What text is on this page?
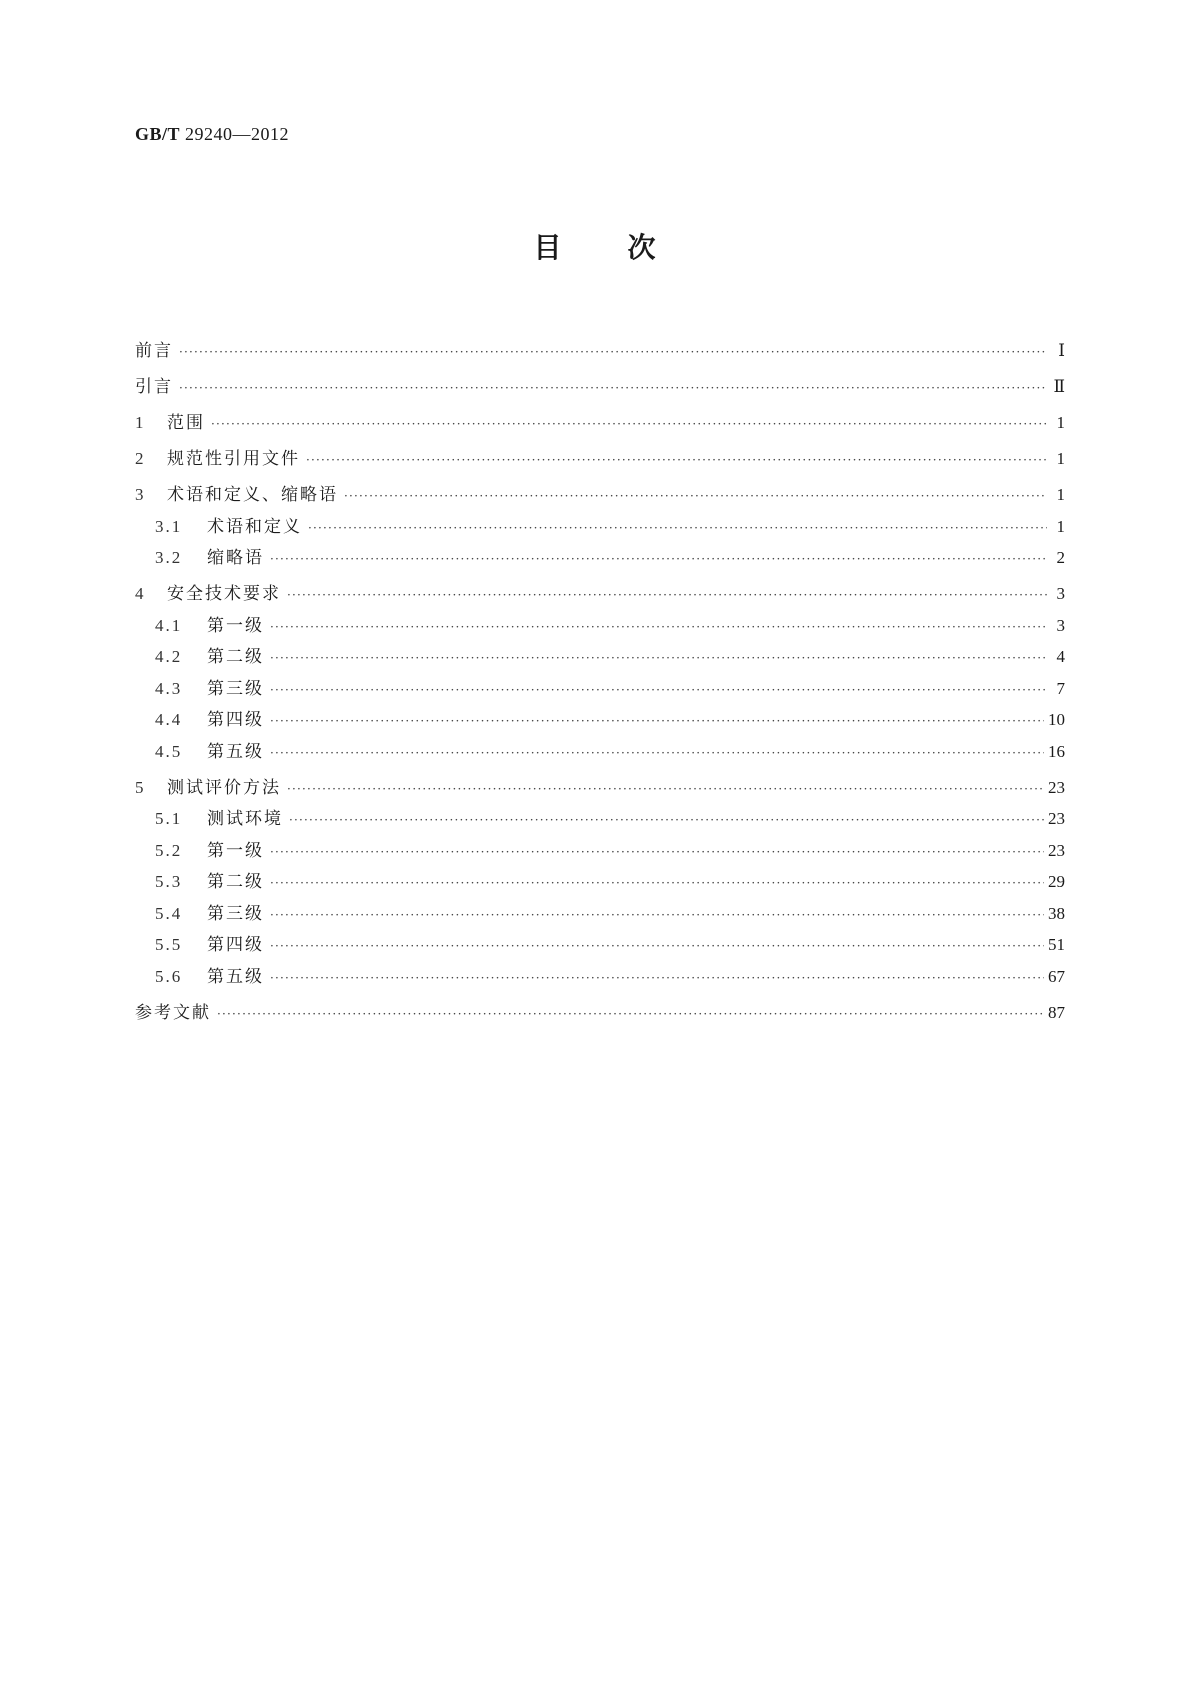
GB/T 29240—2012
目 次
前言 ·····	Ⅰ
引言 ·····	Ⅱ
1	范围 ·····	1
2	规范性引用文件 ·····	1
3	术语和定义、缩略语 ·····	1
3.1	术语和定义 ·····	1
3.2	缩略语 ·····	2
4	安全技术要求 ·····	3
4.1	第一级 ·····	3
4.2	第二级 ·····	4
4.3	第三级 ·····	7
4.4	第四级 ·····	10
4.5	第五级 ·····	16
5	测试评价方法 ·····	23
5.1	测试环境 ·····	23
5.2	第一级 ·····	23
5.3	第二级 ·····	29
5.4	第三级 ·····	38
5.5	第四级 ·····	51
5.6	第五级 ·····	67
参考文献 ·····	87
